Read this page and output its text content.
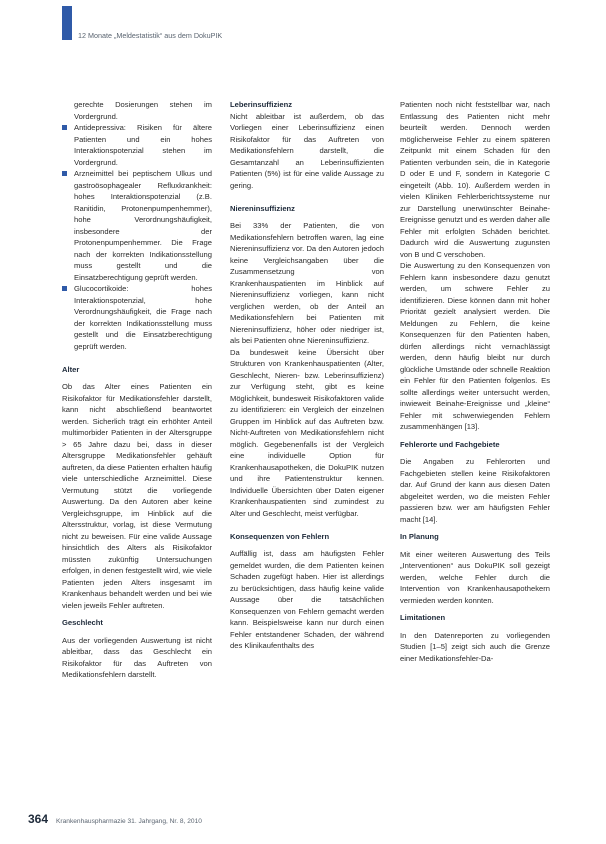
12 Monate „Meldestatistik“ aus dem DokuPIK

gerechte Dosierungen stehen im Vordergrund.

Antidepressiva: Risiken für ältere Patienten und ein hohes Interaktionspotenzial stehen im Vordergrund.
Arzneimittel bei peptischem Ulkus und gastroösophagealer Refluxkrankheit: hohes Interaktionspotenzial (z.B. Ranitidin, Protonenpumpenhemmer), hohe Verordnungshäufigkeit, insbesondere der Protonenpumpenhemmer. Die Frage nach der korrekten Indikationsstellung muss gestellt und die Einsatzberechtigung geprüft werden.
Glucocortikoide: hohes Interaktionspotenzial, hohe Verordnungshäufigkeit, die Frage nach der korrekten Indikationsstellung muss gestellt und die Einsatzberechtigung geprüft werden.

Alter

Ob das Alter eines Patienten ein Risikofaktor für Medikationsfehler darstellt, kann nicht abschließend beantwortet werden. Sicherlich trägt ein erhöhter Anteil multimorbider Patienten in der Altersgruppe > 65 Jahre dazu bei, dass in dieser Altersgruppe Medikationsfehler gehäuft auftreten, da diese Patienten erhalten häufig viele unterschiedliche Arzneimittel. Diese Vermutung stützt die vorliegende Auswertung. Da den Autoren aber keine Vergleichsgruppe, im Hinblick auf die Altersstruktur, vorlag, ist diese Vermutung nicht zu beweisen. Für eine valide Aussage hinsichtlich des Alters als Risikofaktor müssten zukünftig Untersuchungen erfolgen, in denen festgestellt wird, wie viele Patienten jeden Alters insgesamt im Krankenhaus behandelt werden und bei wie vielen jeweils Fehler auftreten.

Geschlecht

Aus der vorliegenden Auswertung ist nicht ableitbar, dass das Geschlecht ein Risikofaktor für das Auftreten von Medikationsfehlern darstellt.

Leberinsuffizienz

Nicht ableitbar ist außerdem, ob das Vorliegen einer Leberinsuffizienz einen Risikofaktor für das Auftreten von Medikationsfehlern darstellt, die Gesamtanzahl an Leberinsuffizienten Patienten (5%) ist für eine valide Aussage zu gering.

Niereninsuffizienz

Bei 33% der Patienten, die von Medikationsfehlern betroffen waren, lag eine Niereninsuffizienz vor. Da den Autoren jedoch keine Vergleichsangaben über die Zusammensetzung von Krankenhauspatienten im Hinblick auf Niereninsuffizienz vorliegen, kann nicht verglichen werden, ob der Anteil an Medikationsfehlern bei Patienten mit Niereninsuffizienz, höher oder niedriger ist, als bei Patienten ohne Niereninsuffizienz.

Da bundesweit keine Übersicht über Strukturen von Krankenhauspatienten (Alter, Geschlecht, Nieren- bzw. Leberinsuffizienz) zur Verfügung steht, gibt es keine Möglichkeit, bundesweit Risikofaktoren valide zu identifizieren: ein Vergleich der einzelnen Gruppen im Hinblick auf das Auftreten bzw. Nicht-Auftreten von Medikationsfehlern nicht möglich. Gegebenenfalls ist der Vergleich eine individuelle Option für Krankenhausapotheken, die DokuPIK nutzen und ihre Patientenstruktur kennen. Individuelle Übersichten über Daten eigener Krankenhauspatienten sind zumindest zu Alter und Geschlecht, meist verfügbar.

Konsequenzen von Fehlern

Auffällig ist, dass am häufigsten Fehler gemeldet wurden, die dem Patienten keinen Schaden zugefügt haben. Hier ist allerdings zu berücksichtigen, dass häufig keine valide Aussage über die tatsächlichen Konsequenzen von Fehlern gemacht werden kann. Beispielsweise kann nur durch einen Fehler entstandener Schaden, der während des Klinikaufenthalts des

Patienten noch nicht feststellbar war, nach Entlassung des Patienten nicht mehr beurteilt werden. Dennoch werden möglicherweise Fehler zu einem späteren Zeitpunkt mit einem Schaden für den Patienten verbunden sein, die in Kategorie D oder E und F, sondern in Kategorie C eingeteilt (Abb. 10). Außerdem werden in vielen Kliniken Fehlerberichtssysteme nur zur Darstellung unerwünschter Beinahe-Ereignisse genutzt und es werden daher alle Fehler mit erfolgten Schäden berichtet. Dadurch wird die Auswertung zugunsten von B und C verschoben.

Die Auswertung zu den Konsequenzen von Fehlern kann insbesondere dazu genutzt werden, um schwere Fehler zu identifizieren. Diese können dann mit hoher Priorität gezielt analysiert werden. Die Meldungen zu Fehlern, die keine Konsequenzen für den Patienten haben, dürfen allerdings nicht vernachlässigt werden, denn häufig bleibt nur durch glückliche Umstände oder schnelle Reaktion ein Fehler für den Patienten folgenlos. Es sollte allerdings weiter untersucht werden, inwieweit Beinahe-Ereignisse und „kleine“ Fehler mit schwerwiegenden Fehlern zusammenhängen [13].

Fehlerorte und Fachgebiete

Die Angaben zu Fehlerorten und Fachgebieten stellen keine Risikofaktoren dar. Auf Grund der kann aus diesen Daten abgeleitet werden, wo die meisten Fehler passieren bzw. wer am häufigsten Fehler macht [14].

In Planung

Mit einer weiteren Auswertung des Teils „Interventionen“ aus DokuPIK soll gezeigt werden, welche Fehler durch die Intervention von Krankenhausapothekern vermieden werden konnten.

Limitationen

In den Datenreporten zu vorliegenden Studien [1–5] zeigt sich auch die Grenze einer Medikationsfehler-Da-

364 Krankenhauspharmazie 31. Jahrgang, Nr. 8, 2010
